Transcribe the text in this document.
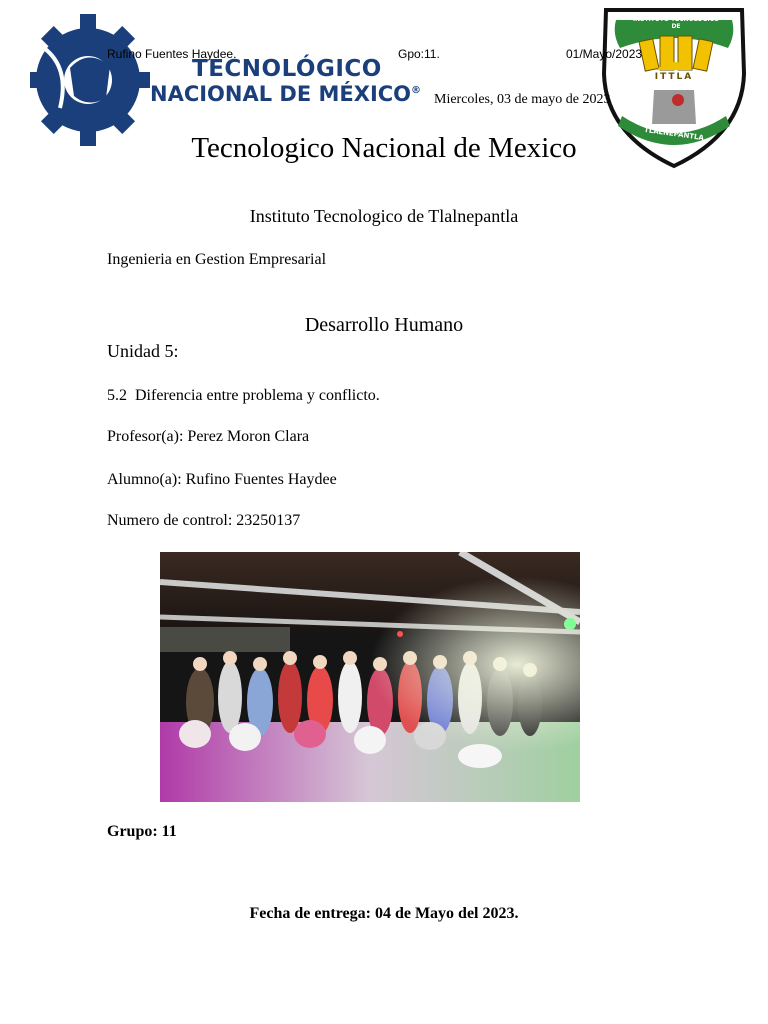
TECNOLÓGICO
NACIONAL DE MÉXICO®
INSTITUTO TECNOLOGICO DE
ITTLA
TLALNEPANTLA
Rufino Fuentes Haydee.	Gpo:11.	01/Mayo/2023
Miercoles, 03 de mayo de 2023
Tecnologico Nacional de Mexico
Instituto Tecnologico de Tlalnepantla
Ingenieria en Gestion Empresarial
Desarrollo Humano
Unidad 5:
5.2  Diferencia entre problema y conflicto.
Profesor(a): Perez Moron Clara
Alumno(a): Rufino Fuentes Haydee
Numero de control: 23250137
Grupo: 11
Fecha de entrega: 04 de Mayo del 2023.
